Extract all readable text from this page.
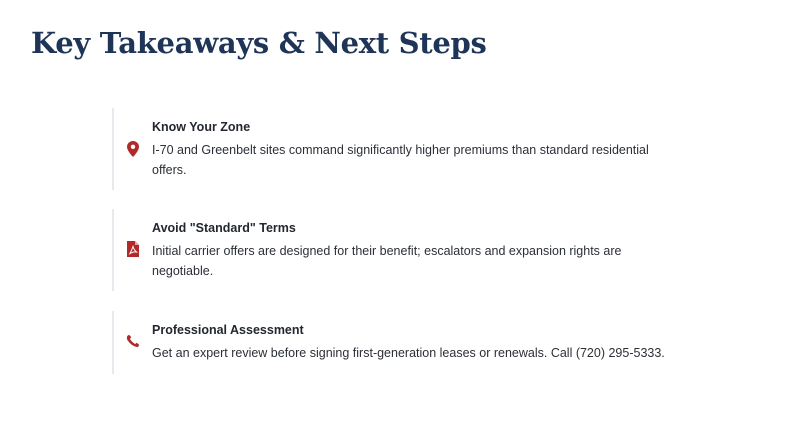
Key Takeaways & Next Steps

Know Your Zone

I-70 and Greenbelt sites command significantly higher premiums than standard residential offers.

Avoid "Standard" Terms

Initial carrier offers are designed for their benefit; escalators and expansion rights are negotiable.

Professional Assessment

Get an expert review before signing first-generation leases or renewals. Call (720) 295-5333.
